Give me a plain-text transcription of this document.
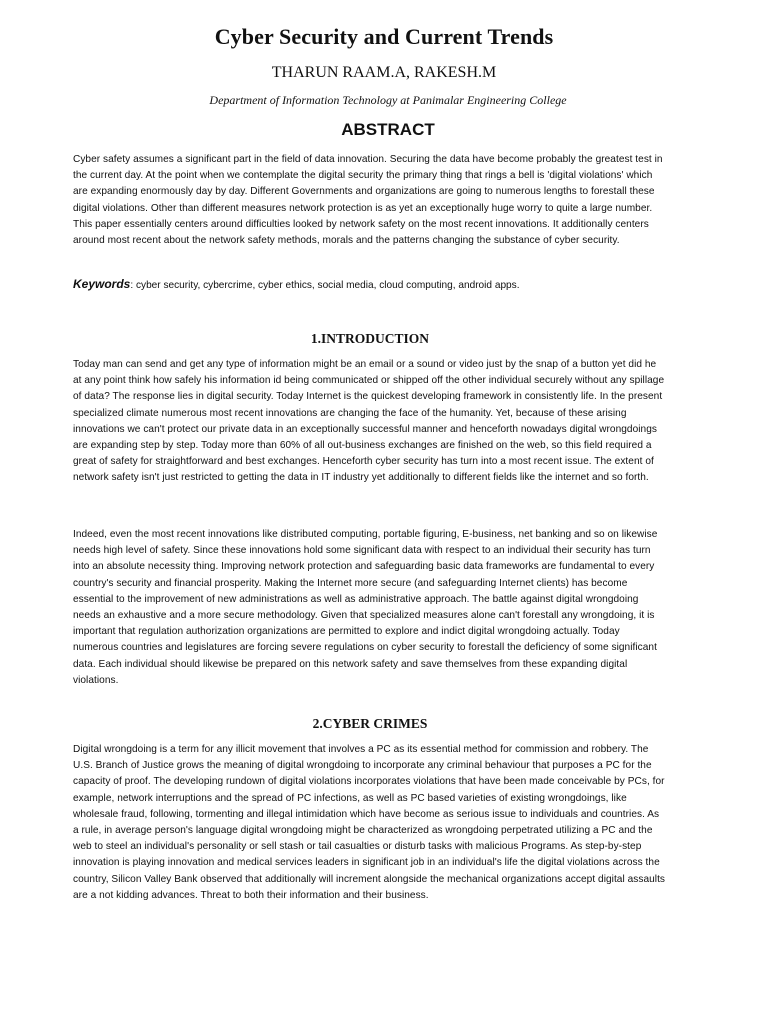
Cyber Security and Current Trends
THARUN RAAM.A, RAKESH.M
Department of Information Technology at Panimalar Engineering College
ABSTRACT

Cyber safety assumes a significant part in the field of data innovation. Securing the data have become probably the greatest test in the current day. At the point when we contemplate the digital security the primary thing that rings a bell is 'digital violations' which are expanding enormously day by day. Different Governments and organizations are going to numerous lengths to forestall these digital violations. Other than different measures network protection is as yet an exceptionally huge worry to quite a large number. This paper essentially centers around difficulties looked by network safety on the most recent innovations. It additionally centers around most recent about the network safety methods, morals and the patterns changing the substance of cyber security.

Keywords: cyber security, cybercrime, cyber ethics, social media, cloud computing, android apps.
1.INTRODUCTION

Today man can send and get any type of information might be an email or a sound or video just by the snap of a button yet did he at any point think how safely his information id being communicated or shipped off the other individual securely without any spillage of data? The response lies in digital security. Today Internet is the quickest developing framework in consistently life. In the present specialized climate numerous most recent innovations are changing the face of the humanity. Yet, because of these arising innovations we can't protect our private data in an exceptionally successful manner and henceforth nowadays digital wrongdoings are expanding step by step. Today more than 60% of all out-business exchanges are finished on the web, so this field required a great of safety for straightforward and best exchanges. Henceforth cyber security has turn into a most recent issue. The extent of network safety isn't just restricted to getting the data in IT industry yet additionally to different fields like the internet and so forth.

Indeed, even the most recent innovations like distributed computing, portable figuring, E-business, net banking and so on likewise needs high level of safety. Since these innovations hold some significant data with respect to an individual their security has turn into an absolute necessity thing. Improving network protection and safeguarding basic data frameworks are fundamental to every country's security and financial prosperity. Making the Internet more secure (and safeguarding Internet clients) has become essential to the improvement of new administrations as well as administrative approach. The battle against digital wrongdoing needs an exhaustive and a more secure methodology. Given that specialized measures alone can't forestall any wrongdoing, it is important that regulation authorization organizations are permitted to explore and indict digital wrongdoing actually. Today numerous countries and legislatures are forcing severe regulations on cyber security to forestall the deficiency of some significant data. Each individual should likewise be prepared on this network safety and save themselves from these expanding digital violations.

2.CYBER CRIMES

Digital wrongdoing is a term for any illicit movement that involves a PC as its essential method for commission and robbery. The U.S. Branch of Justice grows the meaning of digital wrongdoing to incorporate any criminal behaviour that purposes a PC for the capacity of proof. The developing rundown of digital violations incorporates violations that have been made conceivable by PCs, for example, network interruptions and the spread of PC infections, as well as PC based varieties of existing wrongdoings, like wholesale fraud, following, tormenting and illegal intimidation which have become as serious issue to individuals and countries. As a rule, in average person's language digital wrongdoing might be characterized as wrongdoing perpetrated utilizing a PC and the web to steel an individual's personality or sell stash or tail casualties or disturb tasks with malicious Programs. As step-by-step innovation is playing innovation and medical services leaders in significant job in an individual's life the digital violations across the country, Silicon Valley Bank observed that additionally will increment alongside the mechanical organizations accept digital assaults are a not kidding advances. Threat to both their information and their business.
